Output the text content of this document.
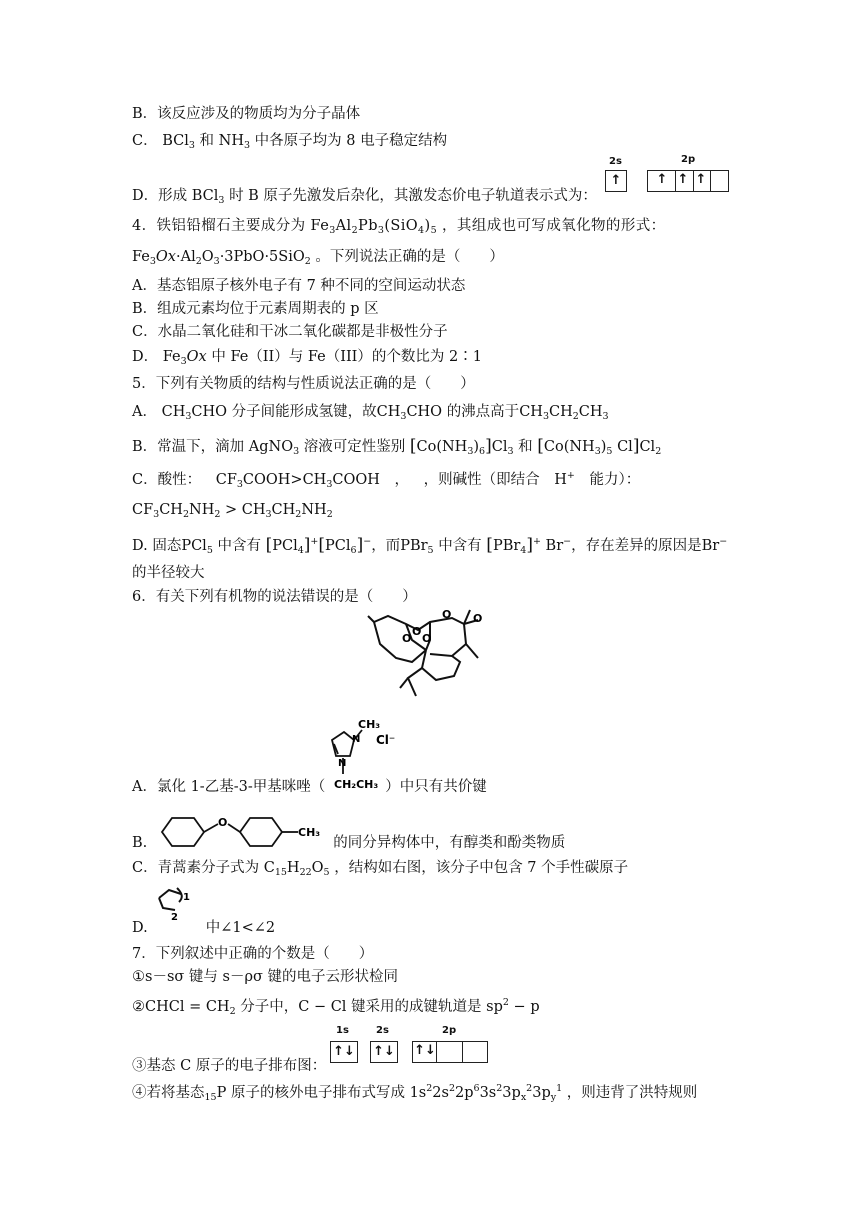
B．该反应涉及的物质均为分子晶体
C． BCl$_3$ 和 $NH_3$ 中各原子均为 8 电子稳定结构
D．形成 BCl$_3$ 时 B 原子先激发后杂化，其激发态价电子轨道表示式为：
2s	2p
↑	↑ ↑ ↑
4．铁铝铅榴石主要成分为 $Fe_3Al_2Pb_3(SiO_4)_5$ ，其组成也可写成氧化物的形式：
$Fe_3Ox\cdot Al_2O_3\cdot 3PbO\cdot 5SiO_2$ 。下列说法正确的是（　　）
A．基态铝原子核外电子有 7 种不同的空间运动状态
B．组成元素均位于元素周期表的 p 区
C．水晶二氧化硅和干冰二氧化碳都是非极性分子
D． $Fe_3Ox$ 中 Fe（II）与 Fe（III）的个数比为 2∶1
5．下列有关物质的结构与性质说法正确的是（　　）
A． $CH_3CHO$ 分子间能形成氢键，故$CH_3CHO$ 的沸点高于$CH_3CH_2CH_3$
B．常温下，滴加 AgNO$_3$ 溶液可定性鉴别 $[Co(NH_3)_6]Cl_3$ 和 [$Co(NH_3)_5$ $Cl]Cl_2$
C．酸性： $CF_3COOH>CH_3COOH$ ， ，则碱性（即结合 H+ 能力）：
$CF_3CH_2NH_2 > CH_3CH_2NH_2$
D. 固态PCl$_5$ 中含有 [PCl$_4$]+[PCl$_6$]−，而PBr$_5$ 中含有 [PBr$_4$]+ Br−，存在差异的原因是Br−
的半径较大
6．有关下列有机物的说法错误的是（　　）
O
O
O
O O
N
CH₃
N
Cl⁻
CH₂CH₃
A．氯化 1-乙基-3-甲基咪唑（	）中只有共价键
O
CH₃
B.	的同分异构体中，有醇类和酚类物质
C．青蒿素分子式为 $C_{15}H_{22}O_5$ ，结构如右图，该分子中包含 7 个手性碳原子
1
2
D.	中∠1<∠2
7．下列叙述中正确的个数是（　　）
①s－sσ 键与 s－ρσ 键的电子云形状检同
②CHCl = $CH_2$ 分子中，C − Cl 键采用的成键轨道是 $sp^2 - p$
1s	2s	2p
↑↓ ↑↓ ↑↓
③基态 C 原子的电子排布图：
④若将基态$_{15}$P 原子的核外电子排布式写成 $1s^22s^22p^63s^23p_x^23p_y^1$ ，则违背了洪特规则
